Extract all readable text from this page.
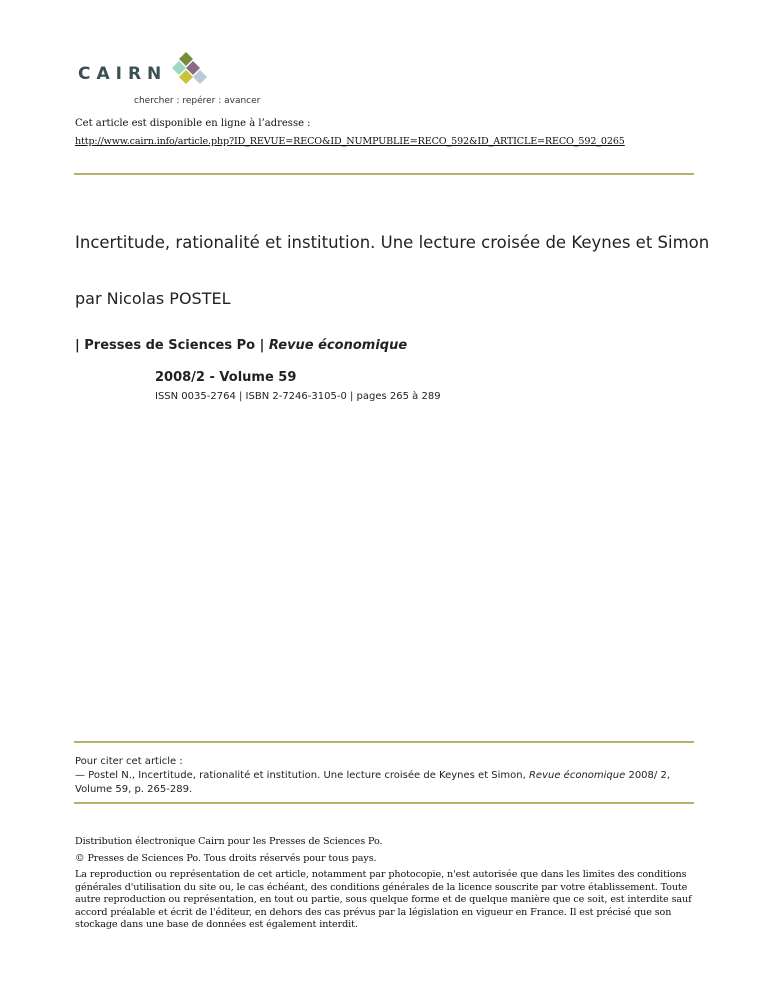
CAIRN
chercher : repérer : avancer
Cet article est disponible en ligne à l’adresse :
http://www.cairn.info/article.php?ID_REVUE=RECO&ID_NUMPUBLIE=RECO_592&ID_ARTICLE=RECO_592_0265
Incertitude, rationalité et institution. Une lecture croisée de Keynes et Simon
par Nicolas POSTEL
| Presses de Sciences Po | Revue économique
2008/2 - Volume 59
ISSN 0035-2764 | ISBN 2-7246-3105-0 | pages 265 à 289
Pour citer cet article :
— Postel N., Incertitude, rationalité et institution. Une lecture croisée de Keynes et Simon, Revue économique 2008/ 2, Volume 59, p. 265-289.

Distribution électronique Cairn pour les Presses de Sciences Po.

© Presses de Sciences Po. Tous droits réservés pour tous pays.

La reproduction ou représentation de cet article, notamment par photocopie, n'est autorisée que dans les limites des conditions générales d'utilisation du site ou, le cas échéant, des conditions générales de la licence souscrite par votre établissement. Toute autre reproduction ou représentation, en tout ou partie, sous quelque forme et de quelque manière que ce soit, est interdite sauf accord préalable et écrit de l'éditeur, en dehors des cas prévus par la législation en vigueur en France. Il est précisé que son stockage dans une base de données est également interdit.
